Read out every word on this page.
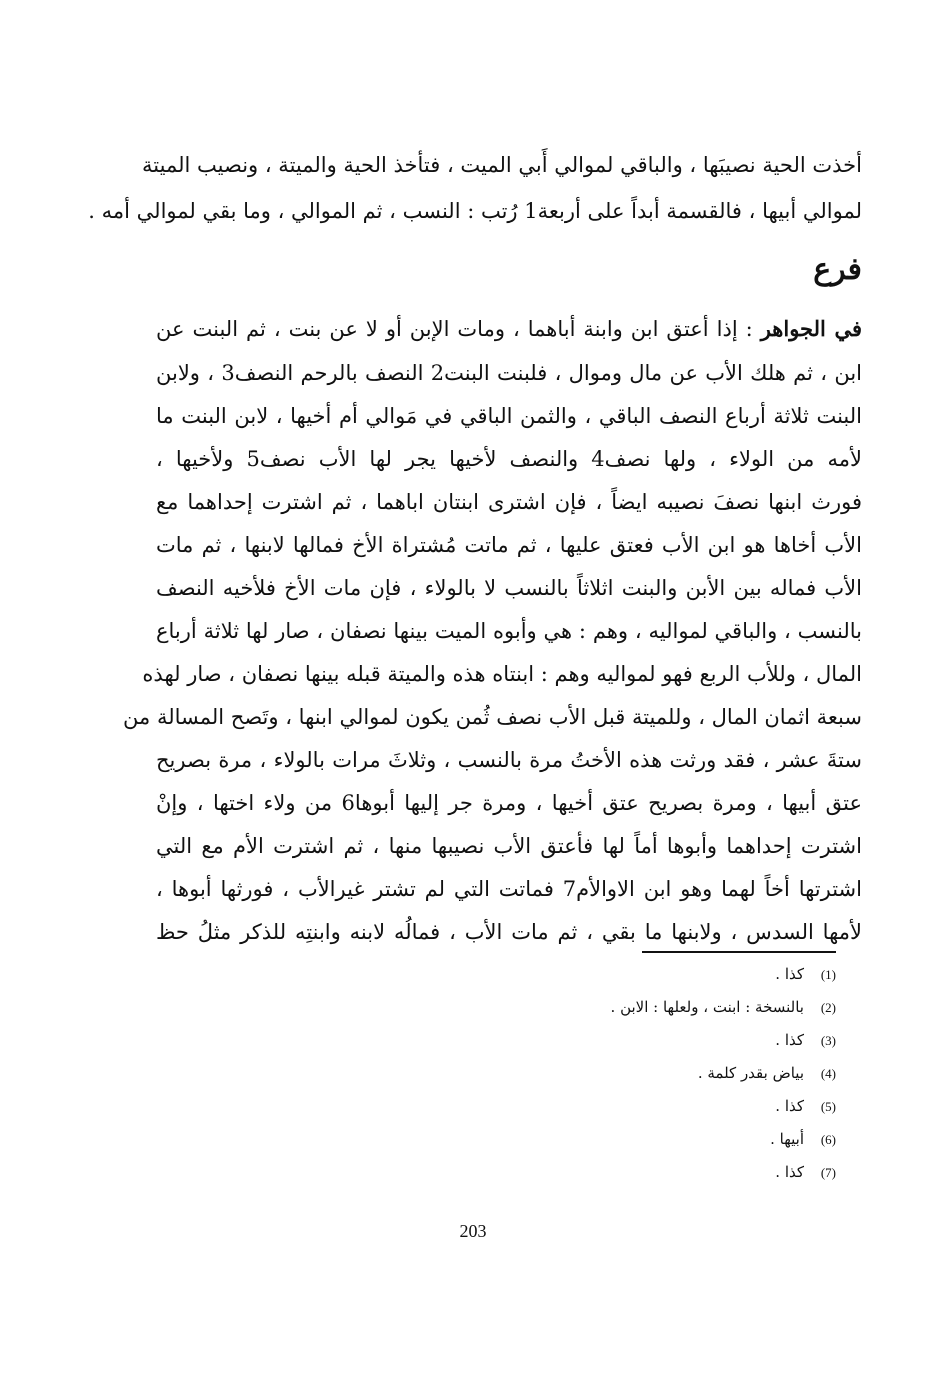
أخذت الحية نصيبَها ، والباقي لموالي أَبي الميت ، فتأخذ الحية والميتة ، ونصيب الميتة
لموالي أبيها ، فالقسمة أبداً على أربعة1 رُتب : النسب ، ثم الموالي ، وما بقي لموالي أمه .
فرع
في الجواهر : إذا أعتق ابن وابنة أباهما ، ومات الإبن أو لا عن بنت ، ثم البنت عن
ابن ، ثم هلك الأب عن مال وموال ، فلبنت البنت2 النصف بالرحم النصف3 ، ولابن
البنت ثلاثة أرباع النصف الباقي ، والثمن الباقي في مَوالي أم أخيها ، لابن البنت ما
لأمه من الولاء ، ولها نصف4 والنصف لأخيها يجر لها الأب نصف5 ولأخيها ،
فورث ابنها نصفَ نصيبه ايضاً ، فإن اشترى ابنتان اباهما ، ثم اشترت إحداهما مع
الأب أخاها هو ابن الأب فعتق عليها ، ثم ماتت مُشتراة الأخ فمالها لابنها ، ثم مات
الأب فماله بين الأبن والبنت اثلاثاً بالنسب لا بالولاء ، فإن مات الأخ فلأخيه النصف
بالنسب ، والباقي لمواليه ، وهم : هي وأبوه الميت بينها نصفان ، صار لها ثلاثة أرباع
المال ، وللأب الربع فهو لمواليه وهم : ابنتاه هذه والميتة قبله بينها نصفان ، صار لهذه
سبعة اثمان المال ، وللميتة قبل الأب نصف ثُمن يكون لموالي ابنها ، وتَصح المسالة من
ستةَ عشر ، فقد ورثت هذه الأختُ مرة بالنسب ، وثلاثَ مرات بالولاء ، مرة بصريح
عتق أبيها ، ومرة بصريح عتق أخيها ، ومرة جر إليها أبوها6 من ولاء اختها ، وإنْ
اشترت إحداهما وأبوها أماً لها فأعتق الأب نصيبها منها ، ثم اشترت الأم مع التي
اشترتها أخاً لهما وهو ابن الاوالأم7 فماتت التي لم تشتر غيرالأب ، فورثها أبوها ،
لأمها السدس ، ولابنها ما بقي ، ثم مات الأب ، فمالُه لابنه وابنتِه للذكر مثلُ حظ
(1)كذا .
(2)بالنسخة : ابنت ، ولعلها : الابن .
(3)كذا .
(4)بياض بقدر كلمة .
(5)كذا .
(6)أبيها .
(7)كذا .
203
